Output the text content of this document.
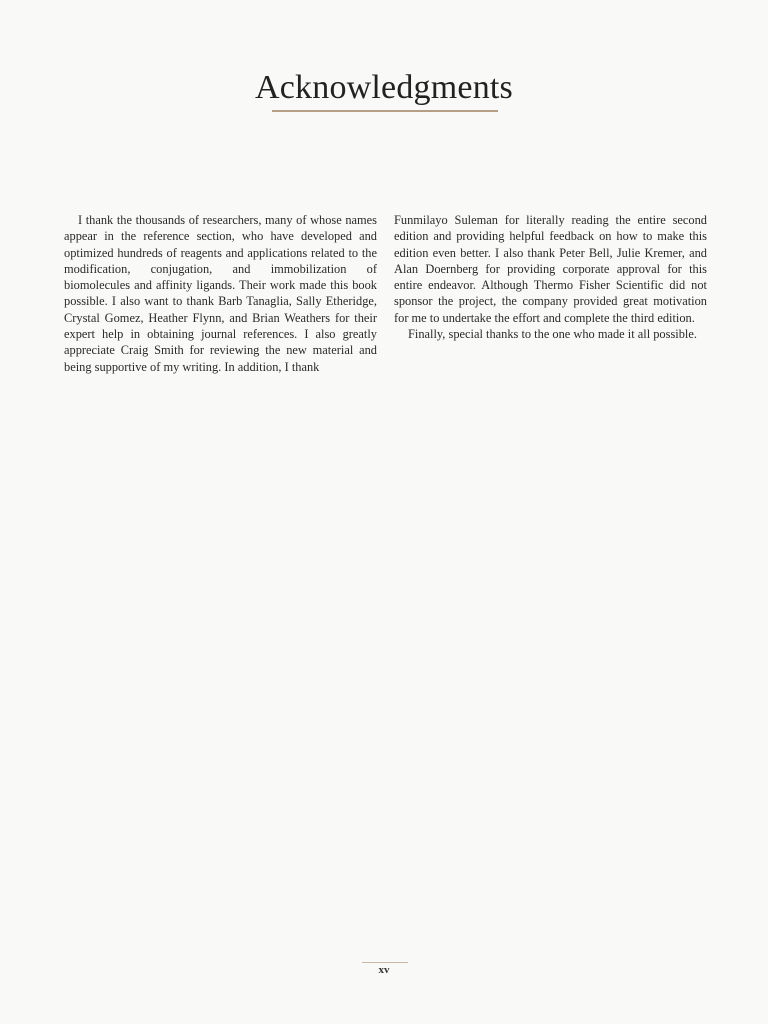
Acknowledgments

I thank the thousands of researchers, many of whose names appear in the reference section, who have developed and optimized hundreds of reagents and applications related to the modification, conjugation, and immobilization of biomolecules and affinity ligands. Their work made this book possible. I also want to thank Barb Tanaglia, Sally Etheridge, Crystal Gomez, Heather Flynn, and Brian Weathers for their expert help in obtaining journal references. I also greatly appreciate Craig Smith for reviewing the new material and being supportive of my writing. In addition, I thank

Funmilayo Suleman for literally reading the entire second edition and providing helpful feedback on how to make this edition even better. I also thank Peter Bell, Julie Kremer, and Alan Doernberg for providing corporate approval for this entire endeavor. Although Thermo Fisher Scientific did not sponsor the project, the company provided great motivation for me to undertake the effort and complete the third edition.

Finally, special thanks to the one who made it all possible.

xv
